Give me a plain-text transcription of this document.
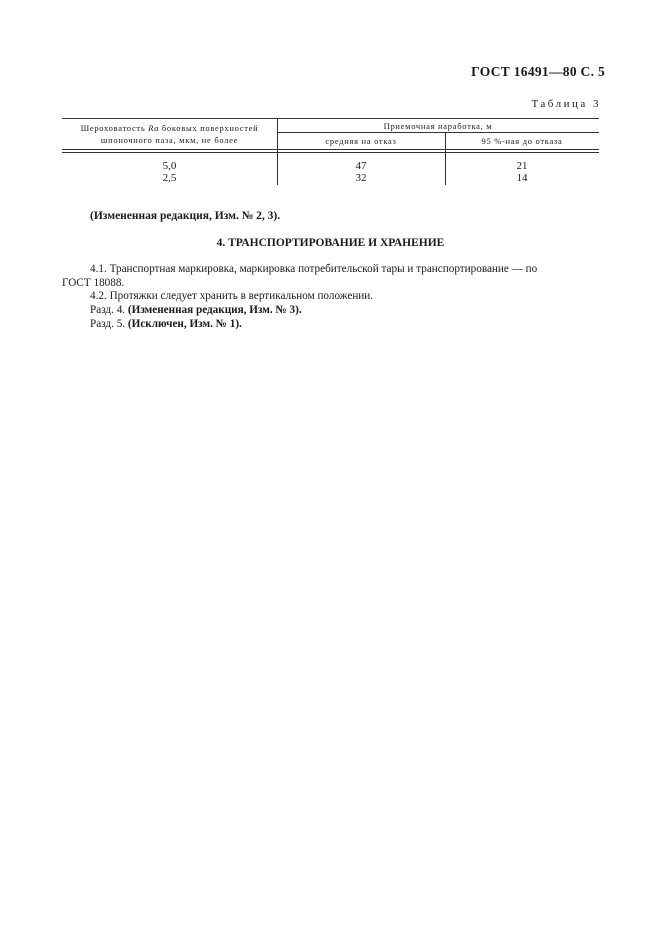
ГОСТ 16491—80 С. 5
Таблица 3
Шероховатость Ra боковых поверхностей
шпоночного паза, мкм, не более
Приемочная наработка, м
средняя на отказ	95 %-ная до отказа
5,0	47	21
2,5	32	14
(Измененная редакция, Изм. № 2, 3).
4. ТРАНСПОРТИРОВАНИЕ И ХРАНЕНИЕ
4.1. Транспортная маркировка, маркировка потребительской тары и транспортирование — по
ГОСТ 18088.
4.2. Протяжки следует хранить в вертикальном положении.
Разд. 4. (Измененная редакция, Изм. № 3).
Разд. 5. (Исключен, Изм. № 1).
